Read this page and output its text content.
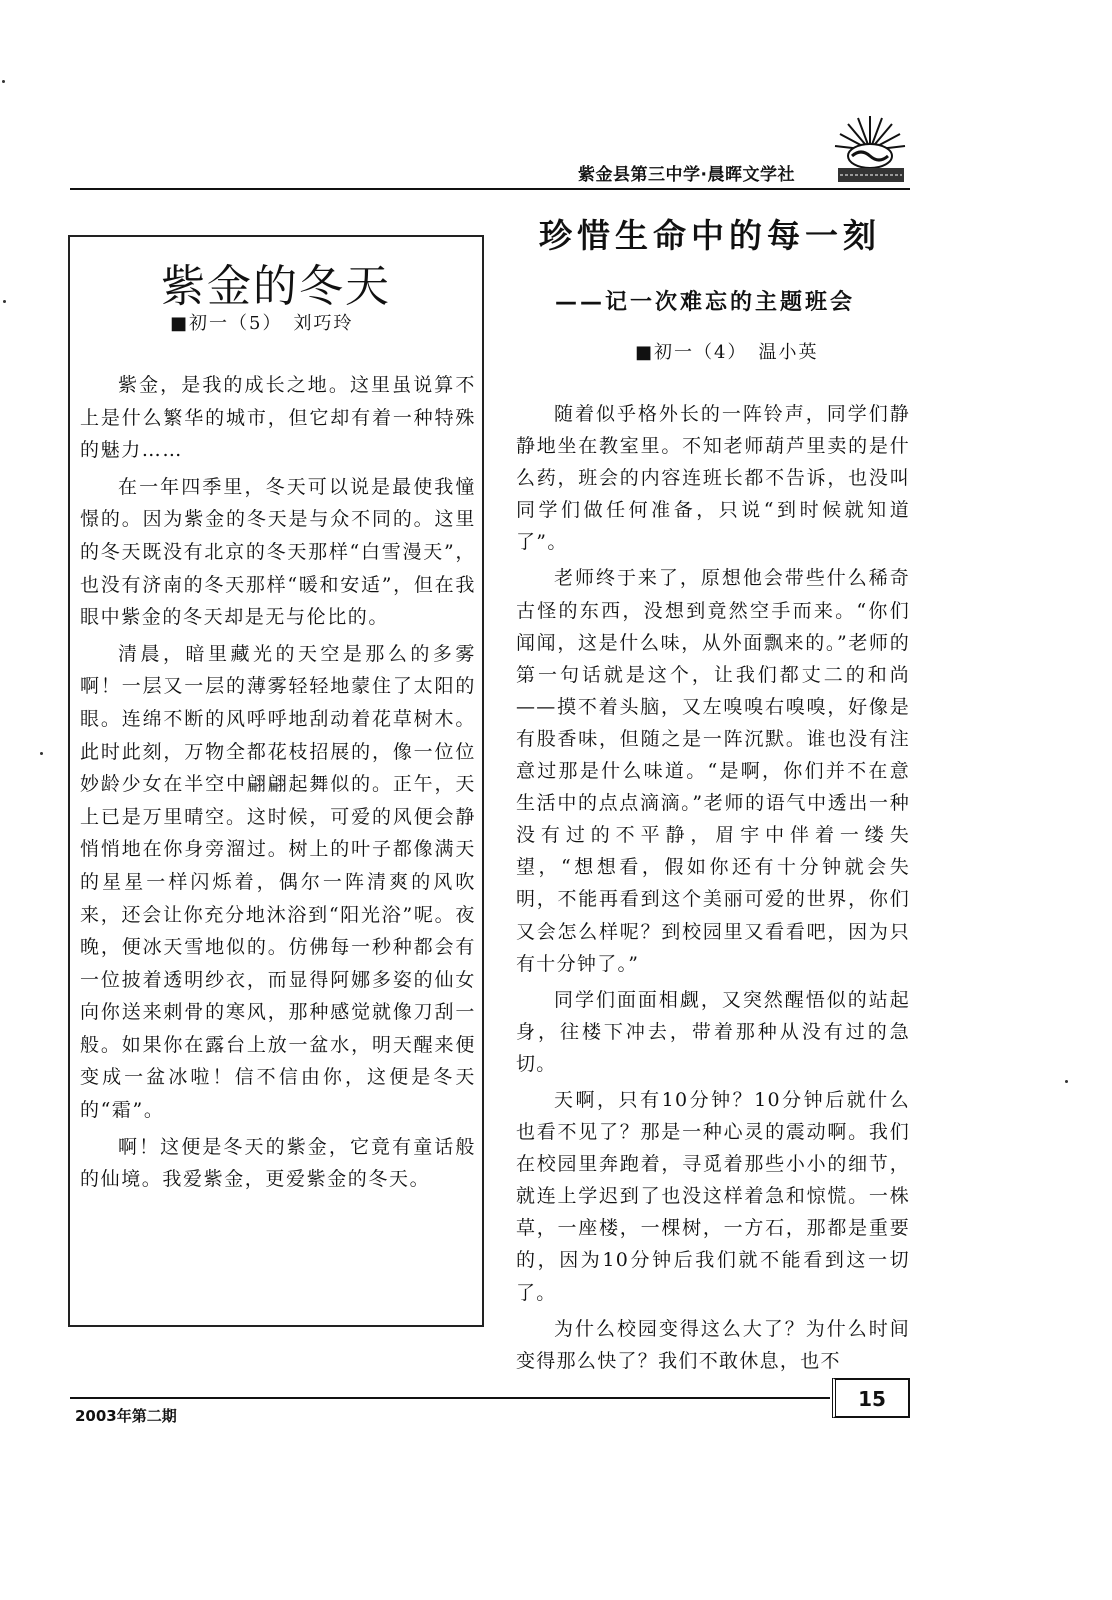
紫金县第三中学·晨晖文学社
紫金的冬天
■初一（5）　刘巧玲

紫金，是我的成长之地。这里虽说算不上是什么繁华的城市，但它却有着一种特殊的魅力……

在一年四季里，冬天可以说是最使我憧憬的。因为紫金的冬天是与众不同的。这里的冬天既没有北京的冬天那样“白雪漫天”，也没有济南的冬天那样“暖和安适”，但在我眼中紫金的冬天却是无与伦比的。

清晨，暗里藏光的天空是那么的多雾啊！一层又一层的薄雾轻轻地蒙住了太阳的眼。连绵不断的风呼呼地刮动着花草树木。此时此刻，万物全都花枝招展的，像一位位妙龄少女在半空中翩翩起舞似的。正午，天上已是万里晴空。这时候，可爱的风便会静悄悄地在你身旁溜过。树上的叶子都像满天的星星一样闪烁着，偶尔一阵清爽的风吹来，还会让你充分地沐浴到“阳光浴”呢。夜晚，便冰天雪地似的。仿佛每一秒种都会有一位披着透明纱衣，而显得阿娜多姿的仙女向你送来刺骨的寒风，那种感觉就像刀刮一般。如果你在露台上放一盆水，明天醒来便变成一盆冰啦！信不信由你，这便是冬天的“霜”。

啊！这便是冬天的紫金，它竟有童话般的仙境。我爱紫金，更爱紫金的冬天。

珍惜生命中的每一刻
——记一次难忘的主题班会
■初一（4）　温小英

随着似乎格外长的一阵铃声，同学们静静地坐在教室里。不知老师葫芦里卖的是什么药，班会的内容连班长都不告诉，也没叫同学们做任何准备，只说“到时候就知道了”。

老师终于来了，原想他会带些什么稀奇古怪的东西，没想到竟然空手而来。“你们闻闻，这是什么味，从外面飘来的。”老师的第一句话就是这个，让我们都丈二的和尚——摸不着头脑，又左嗅嗅右嗅嗅，好像是有股香味，但随之是一阵沉默。谁也没有注意过那是什么味道。“是啊，你们并不在意生活中的点点滴滴。”老师的语气中透出一种没有过的不平静，眉宇中伴着一缕失望，“想想看，假如你还有十分钟就会失明，不能再看到这个美丽可爱的世界，你们又会怎么样呢？到校园里又看看吧，因为只有十分钟了。”

同学们面面相觑，又突然醒悟似的站起身，往楼下冲去，带着那种从没有过的急切。

天啊，只有10分钟？10分钟后就什么也看不见了？那是一种心灵的震动啊。我们在校园里奔跑着，寻觅着那些小小的细节，就连上学迟到了也没这样着急和惊慌。一株草，一座楼，一棵树，一方石，那都是重要的，因为10分钟后我们就不能看到这一切了。

为什么校园变得这么大了？为什么时间变得那么快了？我们不敢休息，也不

2003年第二期
15
